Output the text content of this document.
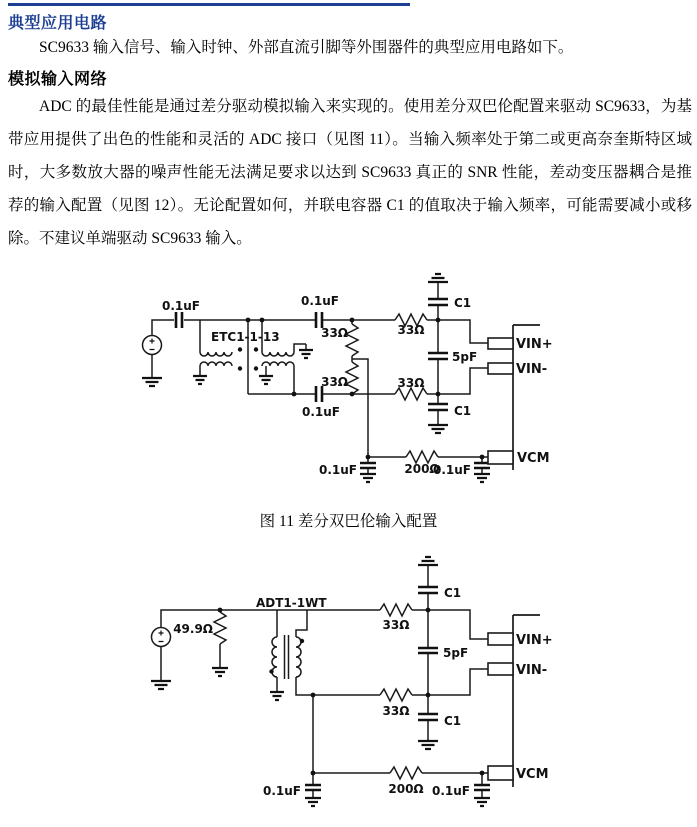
典型应用电路

SC9633 输入信号、输入时钟、外部直流引脚等外围器件的典型应用电路如下。

模拟输入网络

ADC 的最佳性能是通过差分驱动模拟输入来实现的。使用差分双巴伦配置来驱动 SC9633，为基带应用提供了出色的性能和灵活的 ADC 接口（见图 11）。当输入频率处于第二或更高奈奎斯特区域时，大多数放大器的噪声性能无法满足要求以达到 SC9633 真正的 SNR 性能，差动变压器耦合是推荐的输入配置（见图 12）。无论配置如何，并联电容器 C1 的值取决于输入频率，可能需要减小或移除。不建议单端驱动 SC9633 输入。

0.1uF
ETC1-1-13
0.1uF
33Ω	33Ω
33Ω	33Ω
C1
5pF
C1
0.1uF
VIN+
VIN-
VCM
200Ω
0.1uF	0.1uF
图 11 差分双巴伦输入配置
49.9Ω
ADT1-1WT
33Ω
C1
5pF
33Ω
C1
VIN+
VIN-
VCM
200Ω
0.1uF	0.1uF
